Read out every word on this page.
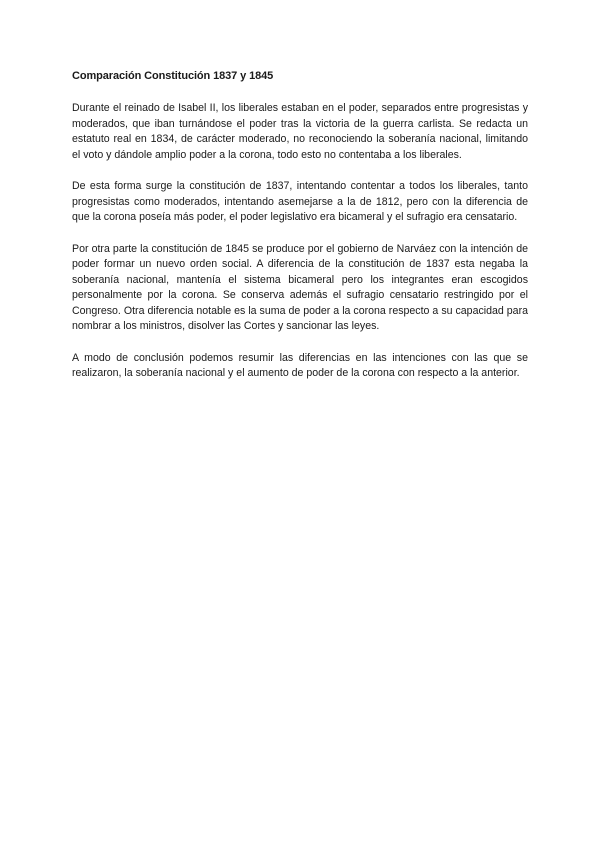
Comparación Constitución 1837 y 1845

Durante el reinado de Isabel II, los liberales estaban en el poder, separados entre progresistas y moderados, que iban turnándose el poder tras la victoria de la guerra carlista. Se redacta un estatuto real en 1834, de carácter moderado, no reconociendo la soberanía nacional, limitando el voto y dándole amplio poder a la corona, todo esto no contentaba a los liberales.

De esta forma surge la constitución de 1837, intentando contentar a todos los liberales, tanto progresistas como moderados, intentando asemejarse a la de 1812, pero con la diferencia de que la corona poseía más poder, el poder legislativo era bicameral y el sufragio era censatario.

Por otra parte la constitución de 1845 se produce por el gobierno de Narváez con la intención de poder formar un nuevo orden social. A diferencia de la constitución de 1837 esta negaba la soberanía nacional, mantenía el sistema bicameral pero los integrantes eran escogidos personalmente por la corona. Se conserva además el sufragio censatario restringido por el Congreso. Otra diferencia notable es la suma de poder a la corona respecto a su capacidad para nombrar a los ministros, disolver las Cortes y sancionar las leyes.

A modo de conclusión podemos resumir las diferencias en las intenciones con las que se realizaron, la soberanía nacional y el aumento de poder de la corona con respecto a la anterior.
